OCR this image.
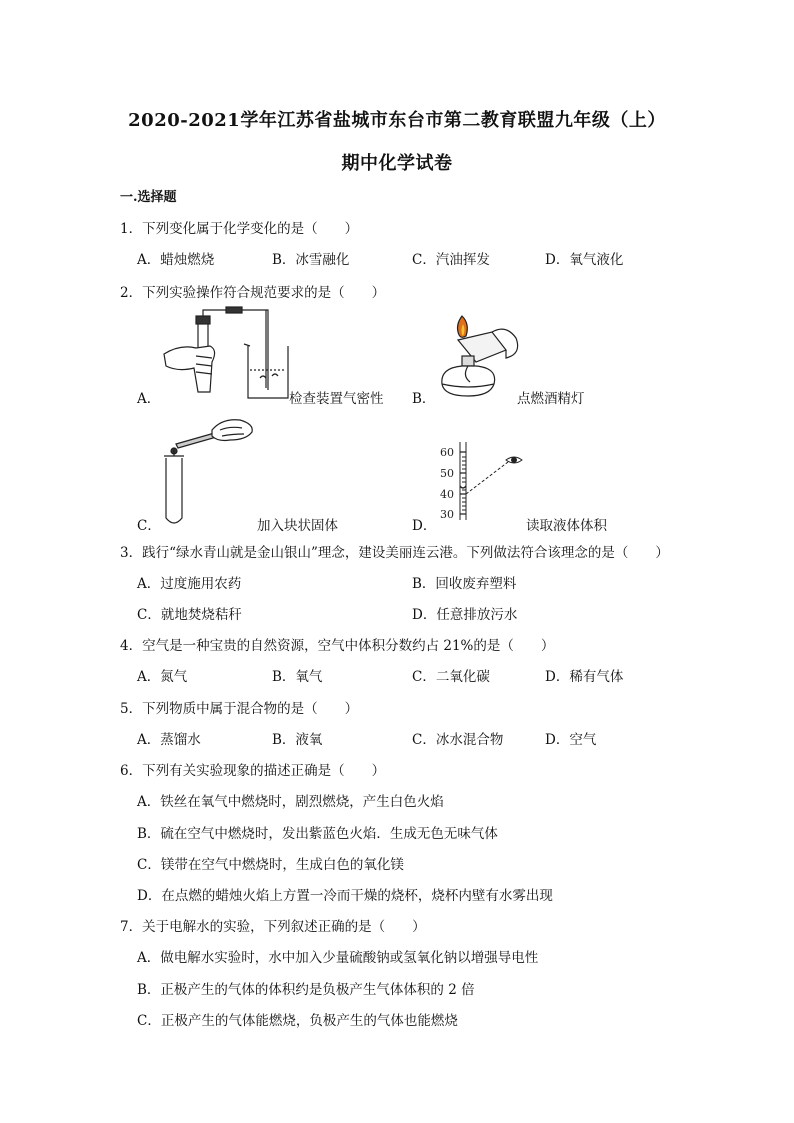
2020-2021学年江苏省盐城市东台市第二教育联盟九年级（上）
期中化学试卷
一.选择题
1．下列变化属于化学变化的是（　　）
A．蜡烛燃烧	B．冰雪融化	C．汽油挥发	D．氧气液化
2．下列实验操作符合规范要求的是（　　）
A．	检查装置气密性 B．	点燃酒精灯
C．	加入块状固体
60
50
40
30
D．	读取液体体积
3．践行“绿水青山就是金山银山”理念，建设美丽连云港。下列做法符合该理念的是（　　）
A．过度施用农药	B．回收废弃塑料
C．就地焚烧秸秆	D．任意排放污水
4．空气是一种宝贵的自然资源，空气中体积分数约占 21%的是（　　）
A．氮气	B．氧气	C．二氧化碳	D．稀有气体
5．下列物质中属于混合物的是（　　）
A．蒸馏水	B．液氧	C．冰水混合物	D．空气
6．下列有关实验现象的描述正确是（　　）
A．铁丝在氧气中燃烧时，剧烈燃烧，产生白色火焰
B．硫在空气中燃烧时，发出紫蓝色火焰．生成无色无味气体
C．镁带在空气中燃烧时，生成白色的氧化镁
D．在点燃的蜡烛火焰上方置一冷而干燥的烧杯，烧杯内壁有水雾出现
7．关于电解水的实验，下列叙述正确的是（　　）
A．做电解水实验时，水中加入少量硫酸钠或氢氧化钠以增强导电性
B．正极产生的气体的体积约是负极产生气体体积的 2 倍
C．正极产生的气体能燃烧，负极产生的气体也能燃烧
